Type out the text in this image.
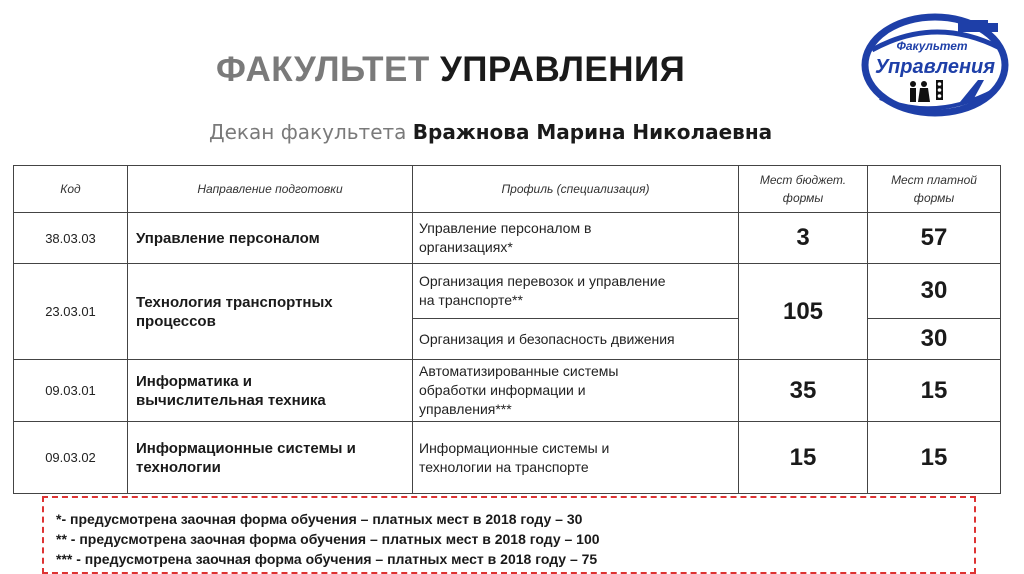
ФАКУЛЬТЕТ УПРАВЛЕНИЯ
Декан факультета Вражнова Марина Николаевна
Факультет
Управления
Код	Направление подготовки	Профиль (специализация)	Мест бюджет.
формы	Мест платной
формы
38.03.03	Управление персоналом	Управление персоналом в
организациях*	3	57
23.03.01	Технология транспортных
процессов	Организация перевозок и управление
на транспорте**	105	30
		Организация и безопасность движения		30
09.03.01	Информатика и
вычислительная техника	Автоматизированные системы
обработки информации и
управления***	35	15
09.03.02	Информационные системы и
технологии	Информационные системы и
технологии на транспорте	15	15
*- предусмотрена заочная форма обучения – платных мест в 2018 году – 30
** - предусмотрена заочная форма обучения – платных мест в 2018 году – 100
*** - предусмотрена заочная форма обучения – платных мест в 2018 году – 75
